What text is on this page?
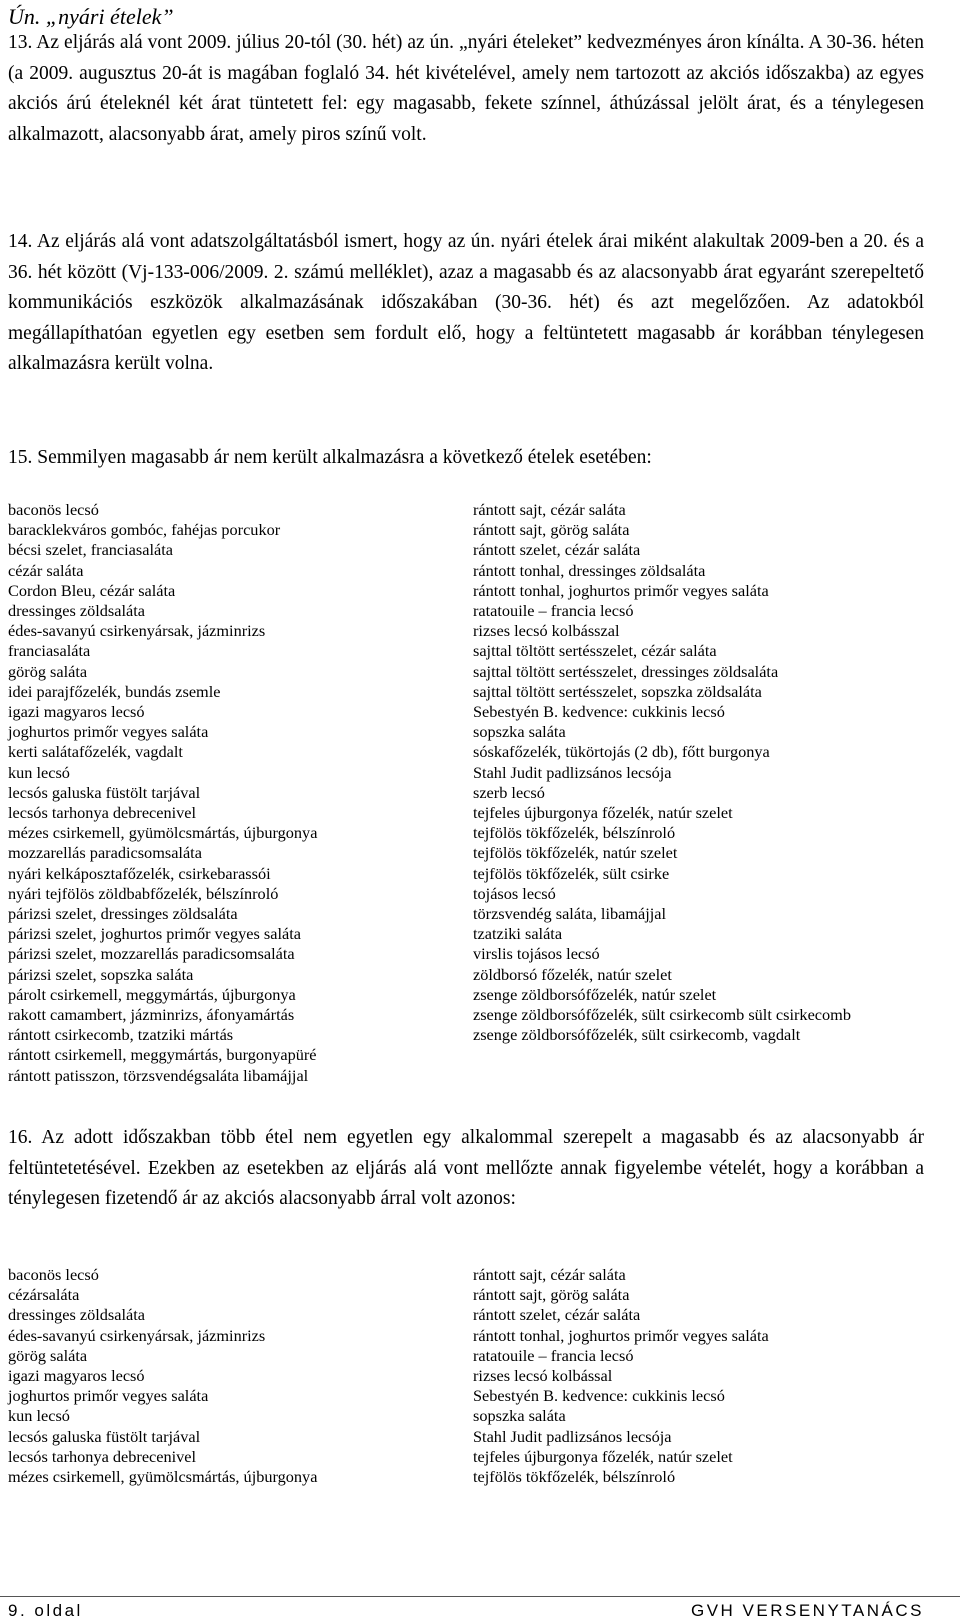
Ún. „nyári ételek”

13. Az eljárás alá vont 2009. július 20-tól (30. hét) az ún. „nyári ételeket” kedvezményes áron kínálta. A 30-36. héten (a 2009. augusztus 20-át is magában foglaló 34. hét kivételével, amely nem tartozott az akciós időszakba) az egyes akciós árú ételeknél két árat tüntetett fel: egy magasabb, fekete színnel, áthúzással jelölt árat, és a ténylegesen alkalmazott, alacsonyabb árat, amely piros színű volt.

14. Az eljárás alá vont adatszolgáltatásból ismert, hogy az ún. nyári ételek árai miként alakultak 2009-ben a 20. és a 36. hét között (Vj-133-006/2009. 2. számú melléklet), azaz a magasabb és az alacsonyabb árat egyaránt szerepeltető kommunikációs eszközök alkalmazásának időszakában (30-36. hét) és azt megelőzően. Az adatokból megállapíthatóan egyetlen egy esetben sem fordult elő, hogy a feltüntetett magasabb ár korábban ténylegesen alkalmazásra került volna.

15. Semmilyen magasabb ár nem került alkalmazásra a következő ételek esetében:

baconös lecsó
baracklekváros gombóc, fahéjas porcukor
bécsi szelet, franciasaláta
cézár saláta
Cordon Bleu, cézár saláta
dressinges zöldsaláta
édes-savanyú csirkenyársak, jázminrizs
franciasaláta
görög saláta
idei parajfőzelék, bundás zsemle
igazi magyaros lecsó
joghurtos primőr vegyes saláta
kerti salátafőzelék, vagdalt
kun lecsó
lecsós galuska füstölt tarjával
lecsós tarhonya debrecenivel
mézes csirkemell, gyümölcsmártás, újburgonya
mozzarellás paradicsomsaláta
nyári kelkáposztafőzelék, csirkebarassói
nyári tejfölös zöldbabfőzelék, bélszínroló
párizsi szelet, dressinges zöldsaláta
párizsi szelet, joghurtos primőr vegyes saláta
párizsi szelet, mozzarellás paradicsomsaláta
párizsi szelet, sopszka saláta
párolt csirkemell, meggymártás, újburgonya
rakott camambert, jázminrizs, áfonyamártás
rántott csirkecomb, tzatziki mártás
rántott csirkemell, meggymártás, burgonyapüré
rántott patisszon, törzsvendégsaláta libamájjal
rántott sajt, cézár saláta
rántott sajt, görög saláta
rántott szelet, cézár saláta
rántott tonhal, dressinges zöldsaláta
rántott tonhal, joghurtos primőr vegyes saláta
ratatouile – francia lecsó
rizses lecsó kolbásszal
sajttal töltött sertésszelet, cézár saláta
sajttal töltött sertésszelet, dressinges zöldsaláta
sajttal töltött sertésszelet, sopszka zöldsaláta
Sebestyén B. kedvence: cukkinis lecsó
sopszka saláta
sóskafőzelék, tükörtojás (2 db), főtt burgonya
Stahl Judit padlizsános lecsója
szerb lecsó
tejfeles újburgonya főzelék, natúr szelet
tejfölös tökfőzelék, bélszínroló
tejfölös tökfőzelék, natúr szelet
tejfölös tökfőzelék, sült csirke
tojásos lecsó
törzsvendég saláta, libamájjal
tzatziki saláta
virslis tojásos lecsó
zöldborsó főzelék, natúr szelet
zsenge zöldborsófőzelék, natúr szelet
zsenge zöldborsófőzelék, sült csirkecomb sült csirkecomb
zsenge zöldborsófőzelék, sült csirkecomb, vagdalt

16. Az adott időszakban több étel nem egyetlen egy alkalommal szerepelt a magasabb és az alacsonyabb ár feltüntetetésével. Ezekben az esetekben az eljárás alá vont mellőzte annak figyelembe vételét, hogy a korábban a ténylegesen fizetendő ár az akciós alacsonyabb árral volt azonos:

baconös lecsó
cézársaláta
dressinges zöldsaláta
édes-savanyú csirkenyársak, jázminrizs
görög saláta
igazi magyaros lecsó
joghurtos primőr vegyes saláta
kun lecsó
lecsós galuska füstölt tarjával
lecsós tarhonya debrecenivel
mézes csirkemell, gyümölcsmártás, újburgonya
rántott sajt, cézár saláta
rántott sajt, görög saláta
rántott szelet, cézár saláta
rántott tonhal, joghurtos primőr vegyes saláta
ratatouile – francia lecsó
rizses lecsó kolbással
Sebestyén B. kedvence: cukkinis lecsó
sopszka saláta
Stahl Judit padlizsános lecsója
tejfeles újburgonya főzelék, natúr szelet
tejfölös tökfőzelék, bélszínroló
9. oldal	GVH VERSENYTANÁCS
